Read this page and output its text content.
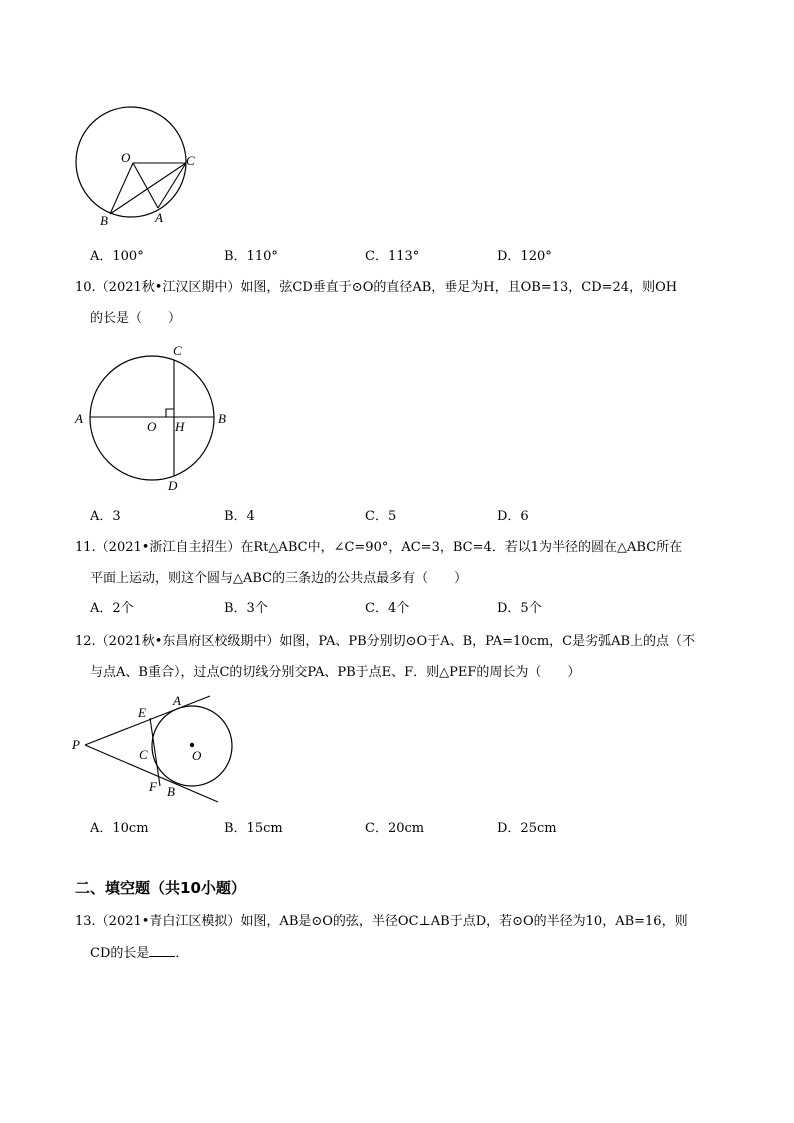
O	C
B	A
A．100°	B．110°	C．113°	D．120°
10.（2021秋•江汉区期中）如图，弦CD垂直于⊙O的直径AB，垂足为H，且OB=13，CD=24，则OH
的长是（　　）
C
A
O H
B
D
A．3	B．4	C．5	D．6
11.（2021•浙江自主招生）在Rt△ABC中，∠C=90°，AC=3，BC=4．若以1为半径的圆在△ABC所在
平面上运动，则这个圆与△ABC的三条边的公共点最多有（　　）
A．2个	B．3个	C．4个	D．5个
12.（2021秋•东昌府区校级期中）如图，PA、PB分别切⊙O于A、B，PA=10cm，C是劣弧AB上的点（不
与点A、B重合），过点C的切线分别交PA、PB于点E、F．则△PEF的周长为（　　）
A
E
P
C	O
F B
A．10cm	B．15cm	C．20cm	D．25cm
二、填空题（共10小题）
13.（2021•青白江区模拟）如图，AB是⊙O的弦，半径OC⊥AB于点D，若⊙O的半径为10，AB=16，则
CD的长是 ．
